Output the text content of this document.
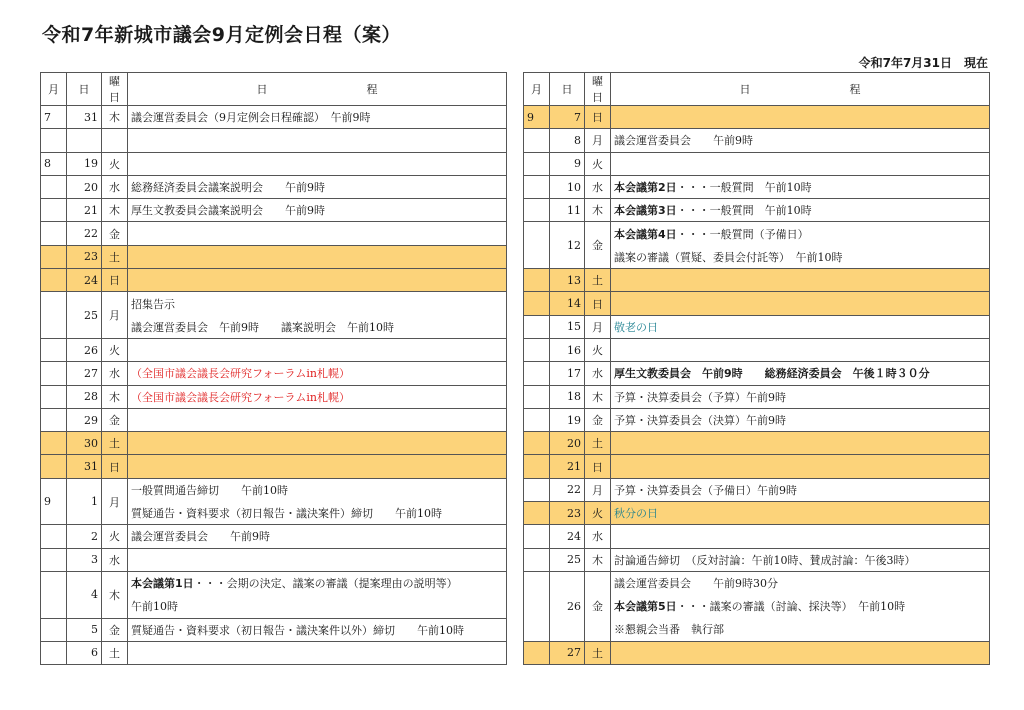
令和7年新城市議会9月定例会日程（案）
令和7年7月31日　現在
月	日	曜日	日　　　　　　　　　程
7	31	木	議会運営委員会（9月定例会日程確認）　午前9時

8	19	火	
	20	水	総務経済委員会議案説明会　　午前9時
	21	木	厚生文教委員会議案説明会　　午前9時
	22	金	
	23	土	
	24	日	
	25	月	招集告示
			議会運営委員会　午前9時　　議案説明会　午前10時
	26	火	
	27	水	（全国市議会議長会研究フォーラムin札幌）
	28	木	（全国市議会議長会研究フォーラムin札幌）
	29	金	
	30	土	
	31	日	
9	1	月	一般質問通告締切　　午前10時
			質疑通告・資料要求（初日報告・議決案件）締切　　午前10時
	2	火	議会運営委員会　　午前9時
	3	水	
	4	木	本会議第1日・・・会期の決定、議案の審議（提案理由の説明等）
			午前10時
	5	金	質疑通告・資料要求（初日報告・議決案件以外）締切　　午前10時
	6	土	
月	日	曜日	日　　　　　　　　　程
9	7	日	
	8	月	議会運営委員会　　午前9時
	9	火	
	10	水	本会議第2日・・・一般質問　午前10時
	11	木	本会議第3日・・・一般質問　午前10時
	12	金	本会議第4日・・・一般質問（予備日）
			議案の審議（質疑、委員会付託等）　午前10時
	13	土	
	14	日	
	15	月	敬老の日
	16	火	
	17	水	厚生文教委員会　午前9時　　総務経済委員会　午後１時３０分
	18	木	予算・決算委員会（予算）午前9時
	19	金	予算・決算委員会（決算）午前9時
	20	土	
	21	日	
	22	月	予算・決算委員会（予備日）午前9時
	23	火	秋分の日
	24	水	
	25	木	討論通告締切　（反対討論：午前10時、賛成討論：午後3時）
	26	金	議会運営委員会　　午前9時30分
			本会議第5日・・・議案の審議（討論、採決等）　午前10時
			※懇親会当番　執行部
	27	土	
